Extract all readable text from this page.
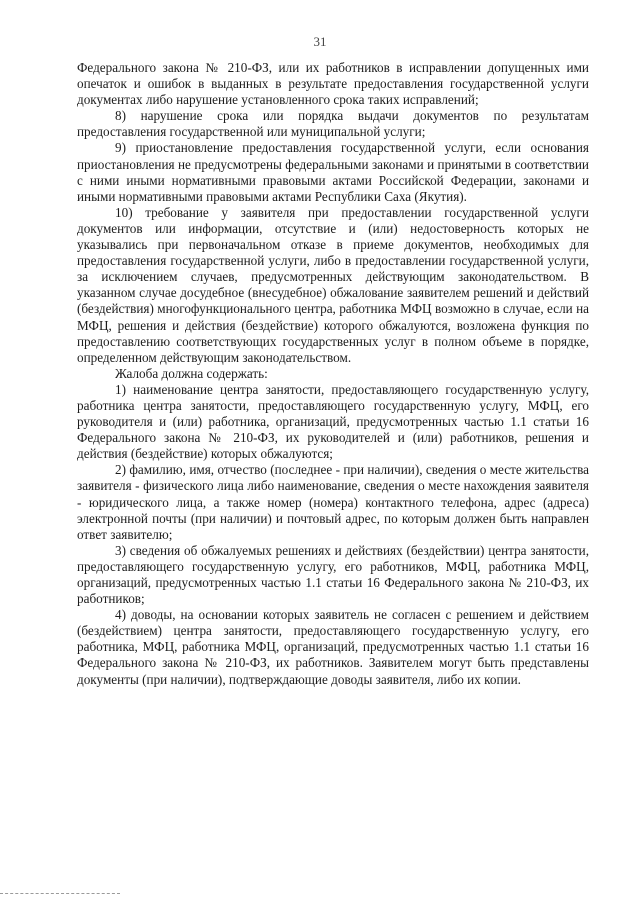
31

Федерального закона № 210-ФЗ, или их работников в исправлении допущенных ими опечаток и ошибок в выданных в результате предоставления государственной услуги документах либо нарушение установленного срока таких исправлений;

8) нарушение срока или порядка выдачи документов по результатам предоставления государственной или муниципальной услуги;

9) приостановление предоставления государственной услуги, если основания приостановления не предусмотрены федеральными законами и принятыми в соответствии с ними иными нормативными правовыми актами Российской Федерации, законами и иными нормативными правовыми актами Республики Саха (Якутия).

10) требование у заявителя при предоставлении государственной услуги документов или информации, отсутствие и (или) недостоверность которых не указывались при первоначальном отказе в приеме документов, необходимых для предоставления государственной услуги, либо в предоставлении государственной услуги, за исключением случаев, предусмотренных действующим законодательством. В указанном случае досудебное (внесудебное) обжалование заявителем решений и действий (бездействия) многофункционального центра, работника МФЦ возможно в случае, если на МФЦ, решения и действия (бездействие) которого обжалуются, возложена функция по предоставлению соответствующих государственных услуг в полном объеме в порядке, определенном действующим законодательством.

Жалоба должна содержать:

1) наименование центра занятости, предоставляющего государственную услугу, работника центра занятости, предоставляющего государственную услугу, МФЦ, его руководителя и (или) работника, организаций, предусмотренных частью 1.1 статьи 16 Федерального закона № 210-ФЗ, их руководителей и (или) работников, решения и действия (бездействие) которых обжалуются;

2) фамилию, имя, отчество (последнее - при наличии), сведения о месте жительства заявителя - физического лица либо наименование, сведения о месте нахождения заявителя - юридического лица, а также номер (номера) контактного телефона, адрес (адреса) электронной почты (при наличии) и почтовый адрес, по которым должен быть направлен ответ заявителю;

3) сведения об обжалуемых решениях и действиях (бездействии) центра занятости, предоставляющего государственную услугу, его работников, МФЦ, работника МФЦ, организаций, предусмотренных частью 1.1 статьи 16 Федерального закона № 210-ФЗ, их работников;

4) доводы, на основании которых заявитель не согласен с решением и действием (бездействием) центра занятости, предоставляющего государственную услугу, его работника, МФЦ, работника МФЦ, организаций, предусмотренных частью 1.1 статьи 16 Федерального закона № 210-ФЗ, их работников. Заявителем могут быть представлены документы (при наличии), подтверждающие доводы заявителя, либо их копии.
